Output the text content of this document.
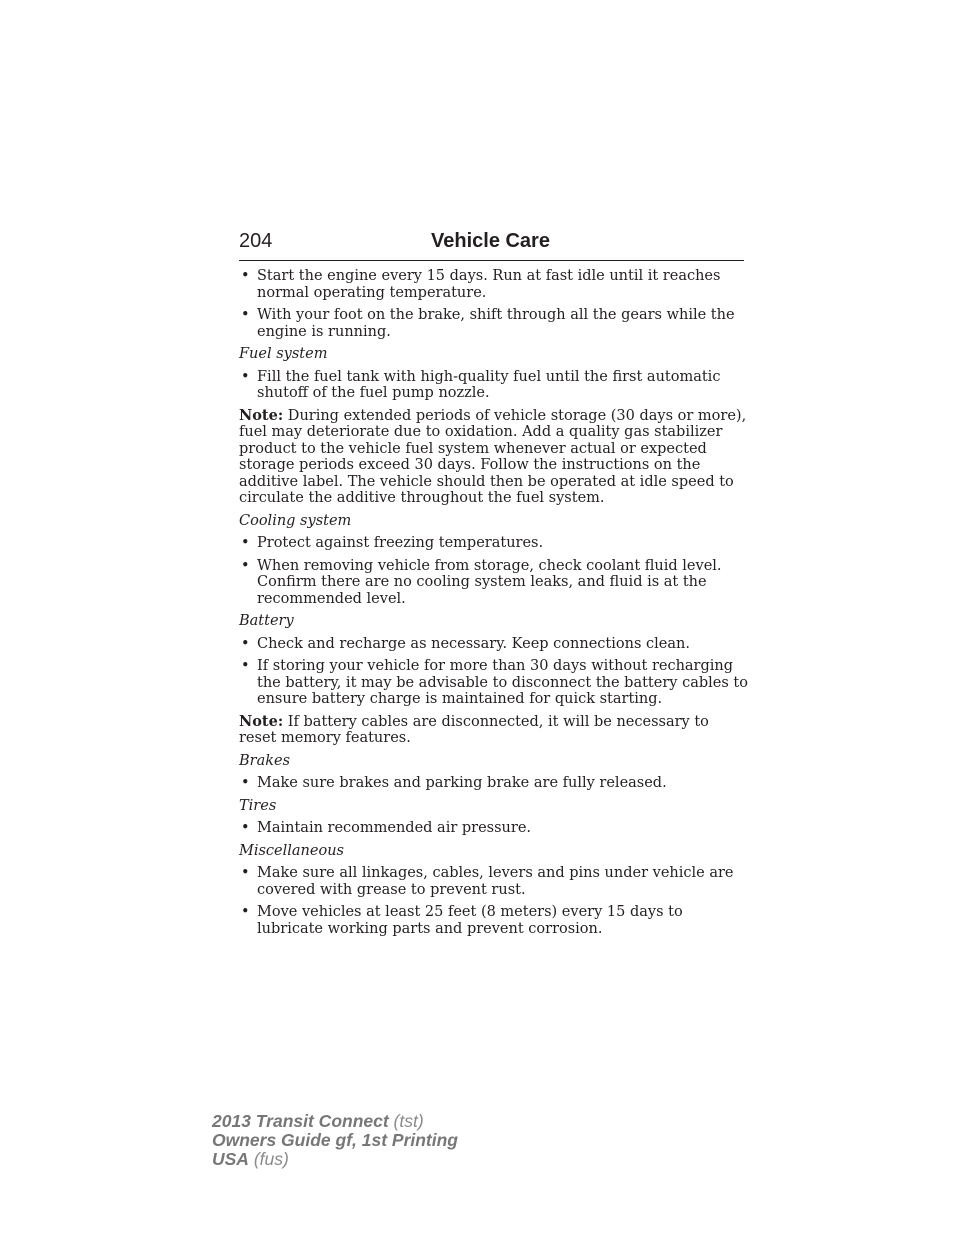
204	Vehicle Care
• Start the engine every 15 days. Run at fast idle until it reaches normal operating temperature.
• With your foot on the brake, shift through all the gears while the engine is running.
Fuel system
• Fill the fuel tank with high-quality fuel until the first automatic shutoff of the fuel pump nozzle.
Note: During extended periods of vehicle storage (30 days or more), fuel may deteriorate due to oxidation. Add a quality gas stabilizer product to the vehicle fuel system whenever actual or expected storage periods exceed 30 days. Follow the instructions on the additive label. The vehicle should then be operated at idle speed to circulate the additive throughout the fuel system.
Cooling system
• Protect against freezing temperatures.
• When removing vehicle from storage, check coolant fluid level. Confirm there are no cooling system leaks, and fluid is at the recommended level.
Battery
• Check and recharge as necessary. Keep connections clean.
• If storing your vehicle for more than 30 days without recharging the battery, it may be advisable to disconnect the battery cables to ensure battery charge is maintained for quick starting.
Note: If battery cables are disconnected, it will be necessary to reset memory features.
Brakes
• Make sure brakes and parking brake are fully released.
Tires
• Maintain recommended air pressure.
Miscellaneous
• Make sure all linkages, cables, levers and pins under vehicle are covered with grease to prevent rust.
• Move vehicles at least 25 feet (8 meters) every 15 days to lubricate working parts and prevent corrosion.
2013 Transit Connect (tst)
Owners Guide gf, 1st Printing
USA (fus)
